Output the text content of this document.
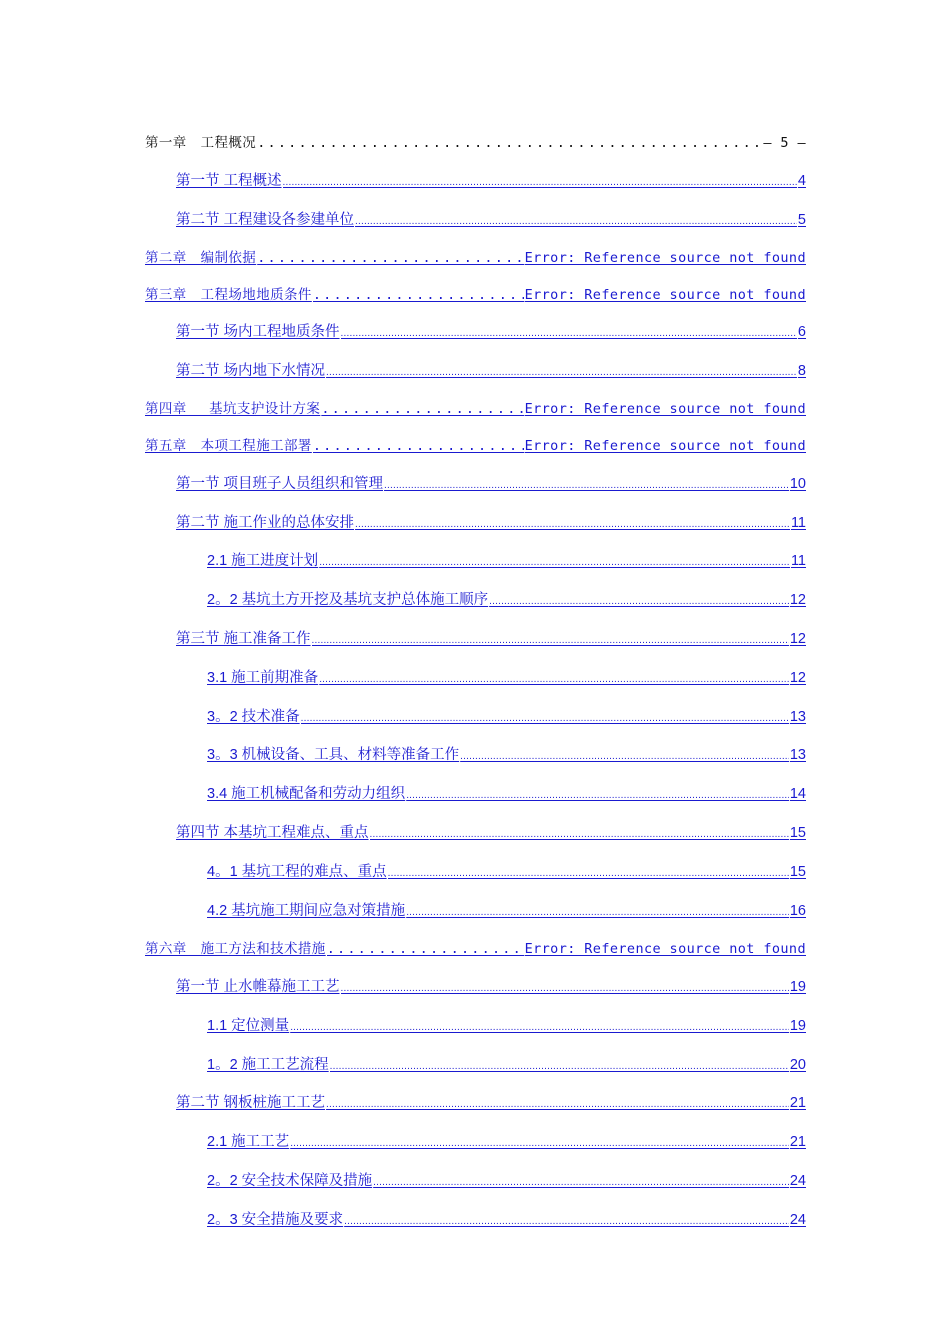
第一章　工程概况 .....	— 5 —
第一节 工程概述 .....	4
第二节 工程建设各参建单位 .....	5
第二章　编制依据 .....	Error: Reference source not found
第三章　工程场地地质条件 .....	Error: Reference source not found
第一节 场内工程地质条件 .....	6
第二节 场内地下水情况 .....	8
第四章　 基坑支护设计方案 .....	Error: Reference source not found
第五章　本项工程施工部署 .....	Error: Reference source not found
第一节 项目班子人员组织和管理 .....	10
第二节 施工作业的总体安排 .....	11
2.1 施工进度计划 .....	11
2。2 基坑土方开挖及基坑支护总体施工顺序 .....	12
第三节 施工准备工作 .....	12
3.1 施工前期准备 .....	12
3。2 技术准备 .....	13
3。3 机械设备、工具、材料等准备工作 .....	13
3.4 施工机械配备和劳动力组织 .....	14
第四节 本基坑工程难点、重点 .....	15
4。1 基坑工程的难点、重点 .....	15
4.2 基坑施工期间应急对策措施 .....	16
第六章　施工方法和技术措施 .....	Error: Reference source not found
第一节 止水帷幕施工工艺 .....	19
1.1 定位测量 .....	19
1。2 施工工艺流程 .....	20
第二节 钢板桩施工工艺 .....	21
2.1 施工工艺 .....	21
2。2 安全技术保障及措施 .....	24
2。3 安全措施及要求 .....	24
